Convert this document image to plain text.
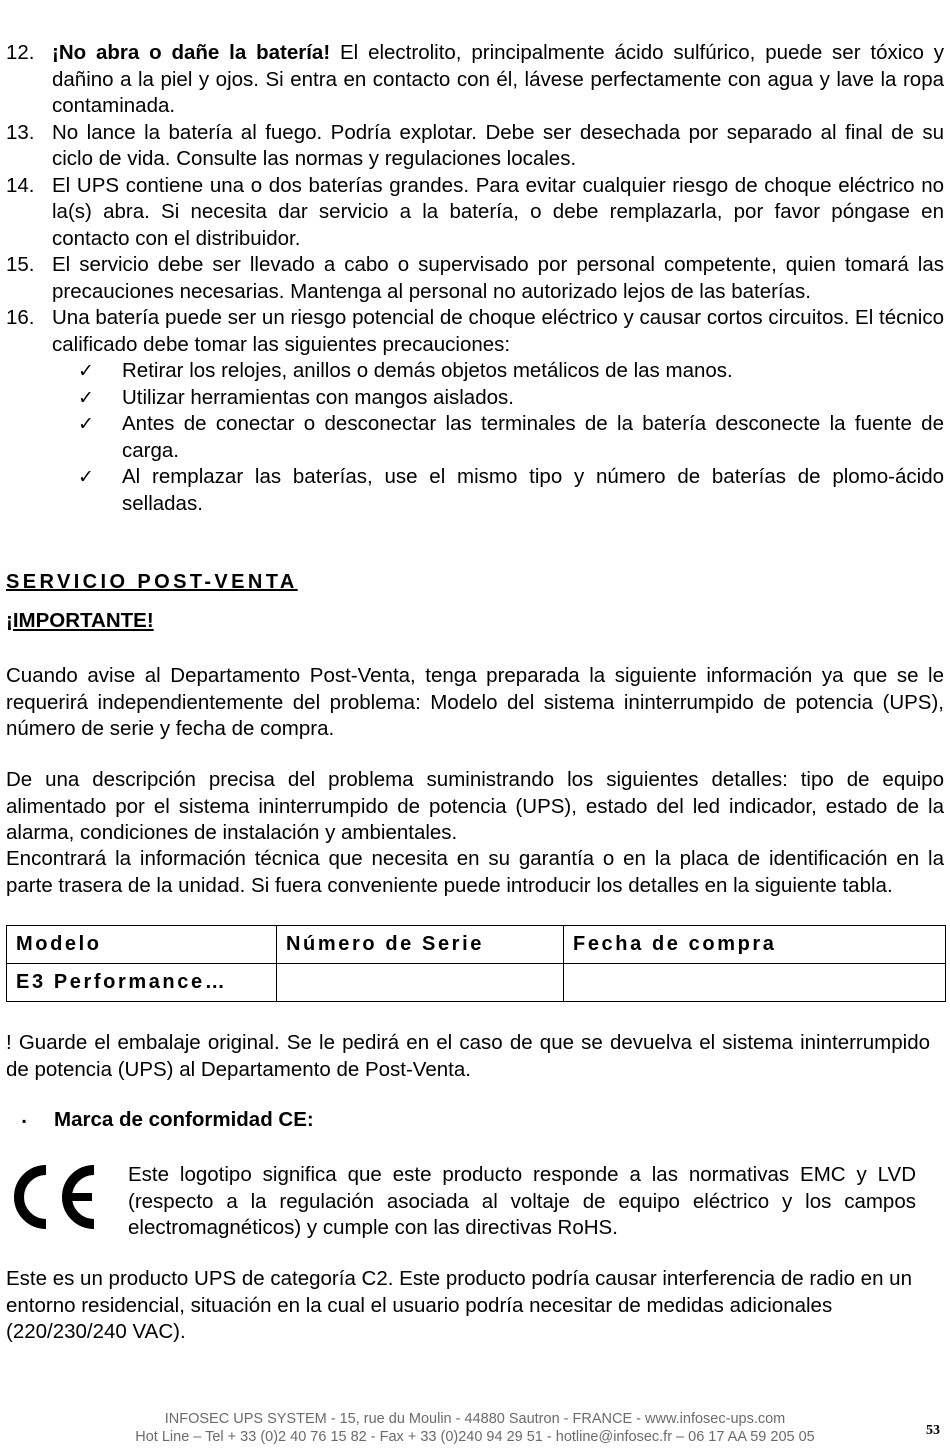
12. ¡No abra o dañe la batería! El electrolito, principalmente ácido sulfúrico, puede ser tóxico y dañino a la piel y ojos. Si entra en contacto con él, lávese perfectamente con agua y lave la ropa contaminada.
13. No lance la batería al fuego. Podría explotar. Debe ser desechada por separado al final de su ciclo de vida. Consulte las normas y regulaciones locales.
14. El UPS contiene una o dos baterías grandes. Para evitar cualquier riesgo de choque eléctrico no la(s) abra. Si necesita dar servicio a la batería, o debe remplazarla, por favor póngase en contacto con el distribuidor.
15. El servicio debe ser llevado a cabo o supervisado por personal competente, quien tomará las precauciones necesarias. Mantenga al personal no autorizado lejos de las baterías.
16. Una batería puede ser un riesgo potencial de choque eléctrico y causar cortos circuitos. El técnico calificado debe tomar las siguientes precauciones:
✓ Retirar los relojes, anillos o demás objetos metálicos de las manos.
✓ Utilizar herramientas con mangos aislados.
✓ Antes de conectar o desconectar las terminales de la batería desconecte la fuente de carga.
✓ Al remplazar las baterías, use el mismo tipo y número de baterías de plomo-ácido selladas.
SERVICIO POST-VENTA
¡IMPORTANTE!
Cuando avise al Departamento Post-Venta, tenga preparada la siguiente información ya que se le requerirá independientemente del problema: Modelo del sistema ininterrumpido de potencia (UPS), número de serie y fecha de compra.
De una descripción precisa del problema suministrando los siguientes detalles: tipo de equipo alimentado por el sistema ininterrumpido de potencia (UPS), estado del led indicador, estado de la alarma, condiciones de instalación y ambientales.
Encontrará la información técnica que necesita en su garantía o en la placa de identificación en la parte trasera de la unidad. Si fuera conveniente puede introducir los detalles en la siguiente tabla.
Modelo	Número de Serie	Fecha de compra
E3 Performance…		
! Guarde el embalaje original. Se le pedirá en el caso de que se devuelva el sistema ininterrumpido de potencia (UPS) al Departamento de Post-Venta.
▪ Marca de conformidad CE:
Este logotipo significa que este producto responde a las normativas EMC y LVD (respecto a la regulación asociada al voltaje de equipo eléctrico y los campos electromagnéticos) y cumple con las directivas RoHS.
Este es un producto UPS de categoría C2. Este producto podría causar interferencia de radio en un entorno residencial, situación en la cual el usuario podría necesitar de medidas adicionales (220/230/240 VAC).
INFOSEC UPS SYSTEM - 15, rue du Moulin - 44880 Sautron - FRANCE - www.infosec-ups.com
Hot Line – Tel + 33 (0)2 40 76 15 82 - Fax + 33 (0)240 94 29 51 - hotline@infosec.fr – 06 17 AA 59 205 05	53
